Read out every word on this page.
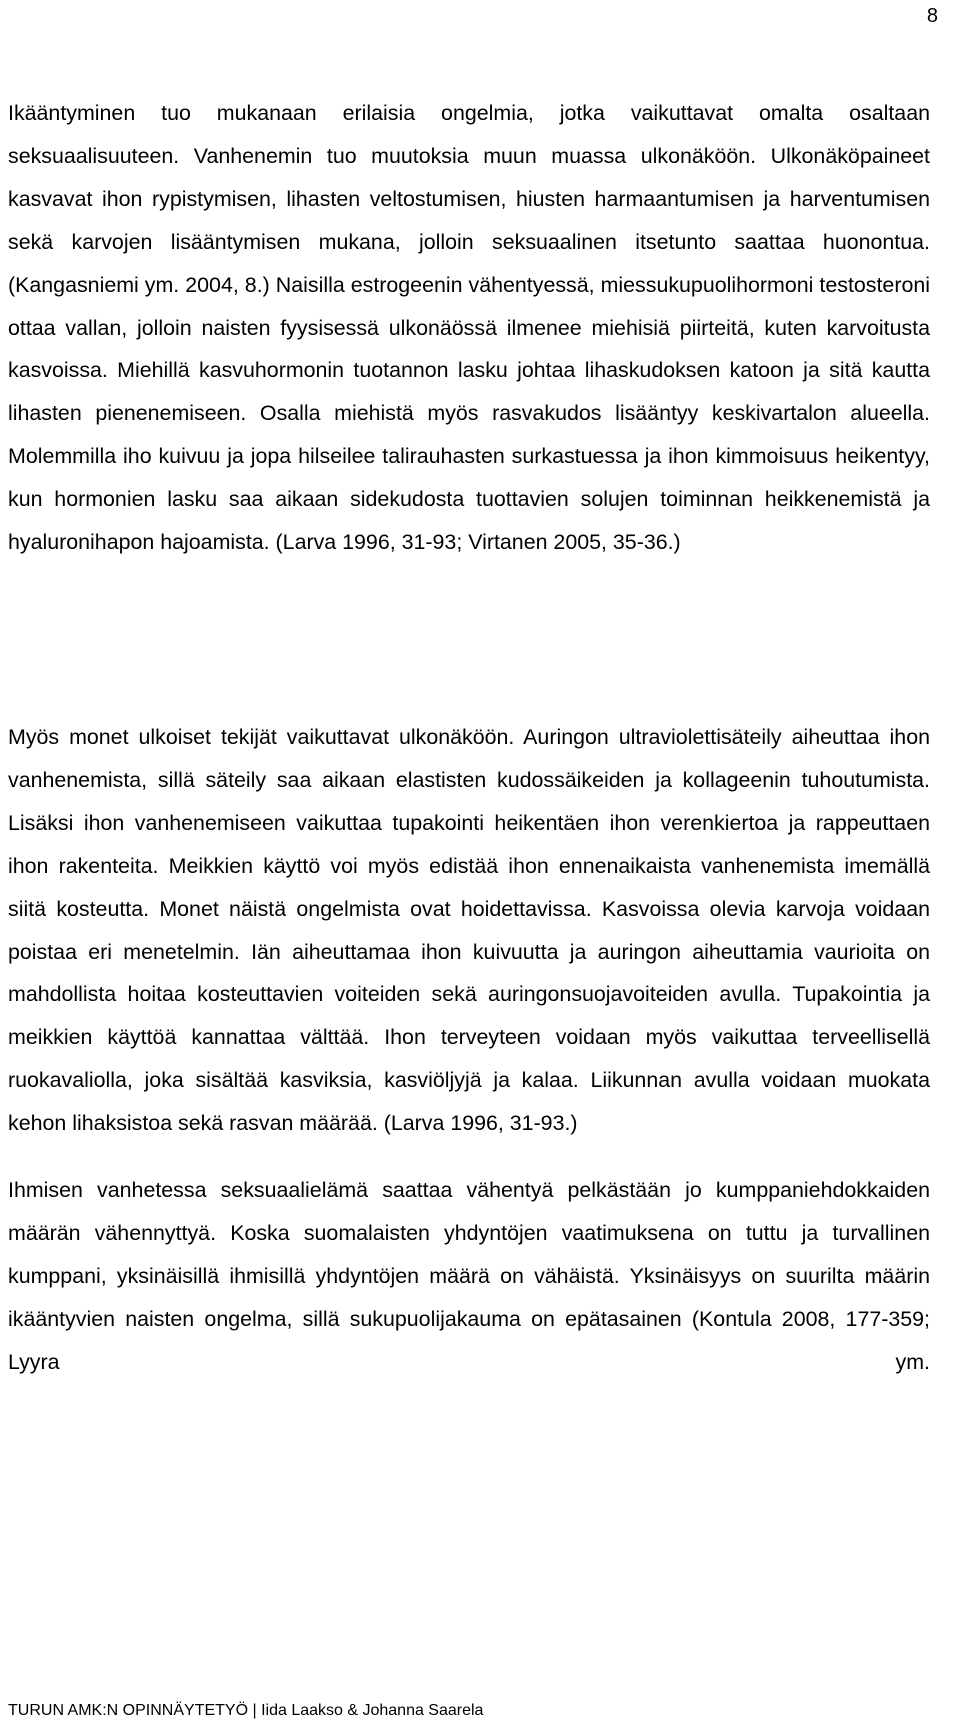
8

Ikääntyminen tuo mukanaan erilaisia ongelmia, jotka vaikuttavat omalta osaltaan seksuaalisuuteen. Vanhenemin tuo muutoksia muun muassa ulkonäköön. Ulkonäköpaineet kasvavat ihon rypistymisen, lihasten veltostumisen, hiusten harmaantumisen ja harventumisen sekä karvojen lisääntymisen mukana, jolloin seksuaalinen itsetunto saattaa huonontua. (Kangasniemi ym. 2004, 8.) Naisilla estrogeenin vähentyessä, miessukupuolihormoni testosteroni ottaa vallan, jolloin naisten fyysisessä ulkonäössä ilmenee miehisiä piirteitä, kuten karvoitusta kasvoissa. Miehillä kasvuhormonin tuotannon lasku johtaa lihaskudoksen katoon ja sitä kautta lihasten pienenemiseen. Osalla miehistä myös rasvakudos lisääntyy keskivartalon alueella. Molemmilla iho kuivuu ja jopa hilseilee talirauhasten surkastuessa ja ihon kimmoisuus heikentyy, kun hormonien lasku saa aikaan sidekudosta tuottavien solujen toiminnan heikkenemistä ja hyaluronihapon hajoamista. (Larva 1996, 31-93; Virtanen 2005, 35-36.)

Myös monet ulkoiset tekijät vaikuttavat ulkonäköön. Auringon ultraviolettisäteily aiheuttaa ihon vanhenemista, sillä säteily saa aikaan elastisten kudossäikeiden ja kollageenin tuhoutumista. Lisäksi ihon vanhenemiseen vaikuttaa tupakointi heikentäen ihon verenkiertoa ja rappeuttaen ihon rakenteita. Meikkien käyttö voi myös edistää ihon ennenaikaista vanhenemista imemällä siitä kosteutta. Monet näistä ongelmista ovat hoidettavissa. Kasvoissa olevia karvoja voidaan poistaa eri menetelmin. Iän aiheuttamaa ihon kuivuutta ja auringon aiheuttamia vaurioita on mahdollista hoitaa kosteuttavien voiteiden sekä auringonsuojavoiteiden avulla. Tupakointia ja meikkien käyttöä kannattaa välttää. Ihon terveyteen voidaan myös vaikuttaa terveellisellä ruokavaliolla, joka sisältää kasviksia, kasviöljyjä ja kalaa. Liikunnan avulla voidaan muokata kehon lihaksistoa sekä rasvan määrää. (Larva 1996, 31-93.)

Ihmisen vanhetessa seksuaalielämä saattaa vähentyä pelkästään jo kumppaniehdokkaiden määrän vähennyttyä. Koska suomalaisten yhdyntöjen vaatimuksena on tuttu ja turvallinen kumppani, yksinäisillä ihmisillä yhdyntöjen määrä on vähäistä. Yksinäisyys on suurilta määrin ikääntyvien naisten ongelma, sillä sukupuolijakauma on epätasainen (Kontula 2008, 177-359; Lyyra ym.

TURUN AMK:N OPINNÄYTETYÖ | Iida Laakso & Johanna Saarela
